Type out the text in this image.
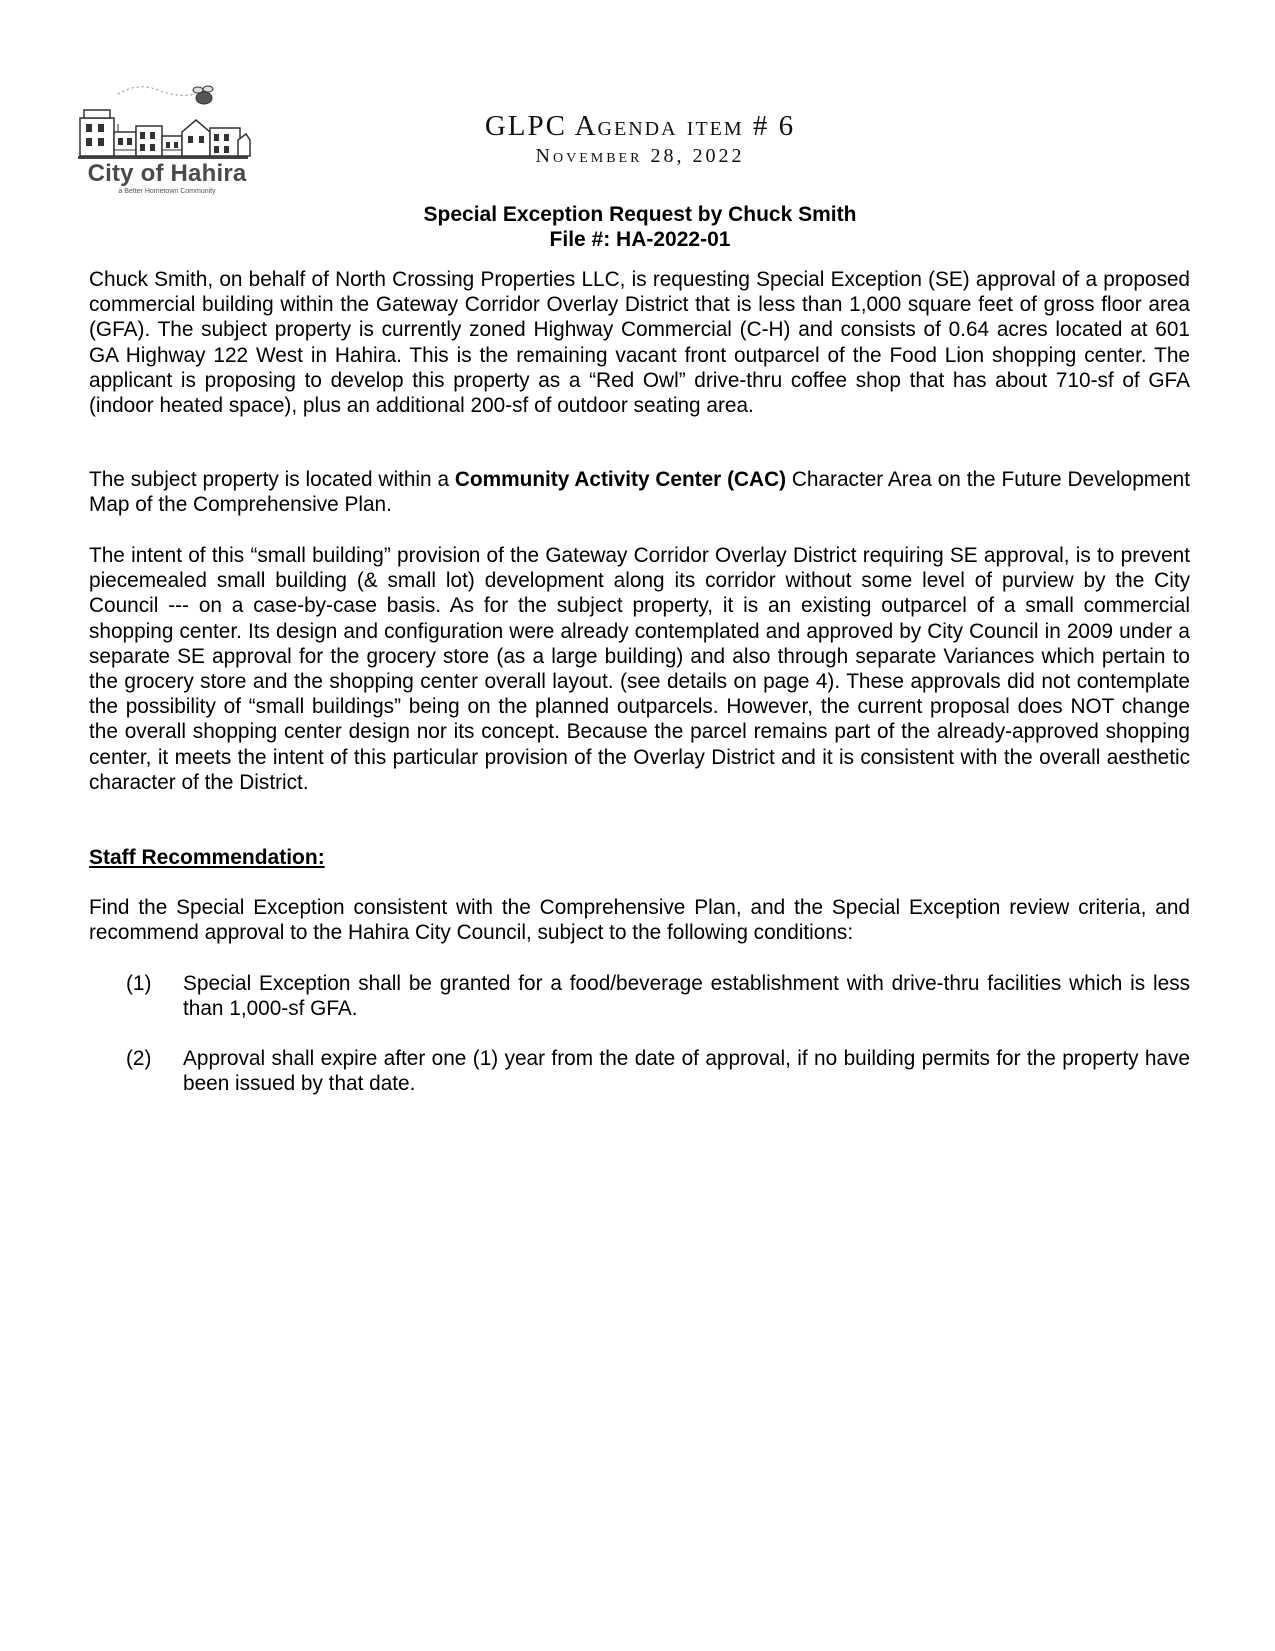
City of Hahira
a Better Hometown Community
GLPC Agenda item # 6
November 28, 2022
Special Exception Request by Chuck Smith
File #: HA-2022-01

Chuck Smith, on behalf of North Crossing Properties LLC, is requesting Special Exception (SE) approval of a proposed commercial building within the Gateway Corridor Overlay District that is less than 1,000 square feet of gross floor area (GFA). The subject property is currently zoned Highway Commercial (C-H) and consists of 0.64 acres located at 601 GA Highway 122 West in Hahira. This is the remaining vacant front outparcel of the Food Lion shopping center. The applicant is proposing to develop this property as a “Red Owl” drive-thru coffee shop that has about 710-sf of GFA (indoor heated space), plus an additional 200-sf of outdoor seating area.

The subject property is located within a Community Activity Center (CAC) Character Area on the Future Development Map of the Comprehensive Plan.

The intent of this “small building” provision of the Gateway Corridor Overlay District requiring SE approval, is to prevent piecemealed small building (& small lot) development along its corridor without some level of purview by the City Council --- on a case-by-case basis. As for the subject property, it is an existing outparcel of a small commercial shopping center. Its design and configuration were already contemplated and approved by City Council in 2009 under a separate SE approval for the grocery store (as a large building) and also through separate Variances which pertain to the grocery store and the shopping center overall layout. (see details on page 4). These approvals did not contemplate the possibility of “small buildings” being on the planned outparcels. However, the current proposal does NOT change the overall shopping center design nor its concept. Because the parcel remains part of the already-approved shopping center, it meets the intent of this particular provision of the Overlay District and it is consistent with the overall aesthetic character of the District.

Staff Recommendation:

Find the Special Exception consistent with the Comprehensive Plan, and the Special Exception review criteria, and recommend approval to the Hahira City Council, subject to the following conditions:

(1)	Special Exception shall be granted for a food/beverage establishment with drive-thru facilities which is less than 1,000-sf GFA.
(2)	Approval shall expire after one (1) year from the date of approval, if no building permits for the property have been issued by that date.
